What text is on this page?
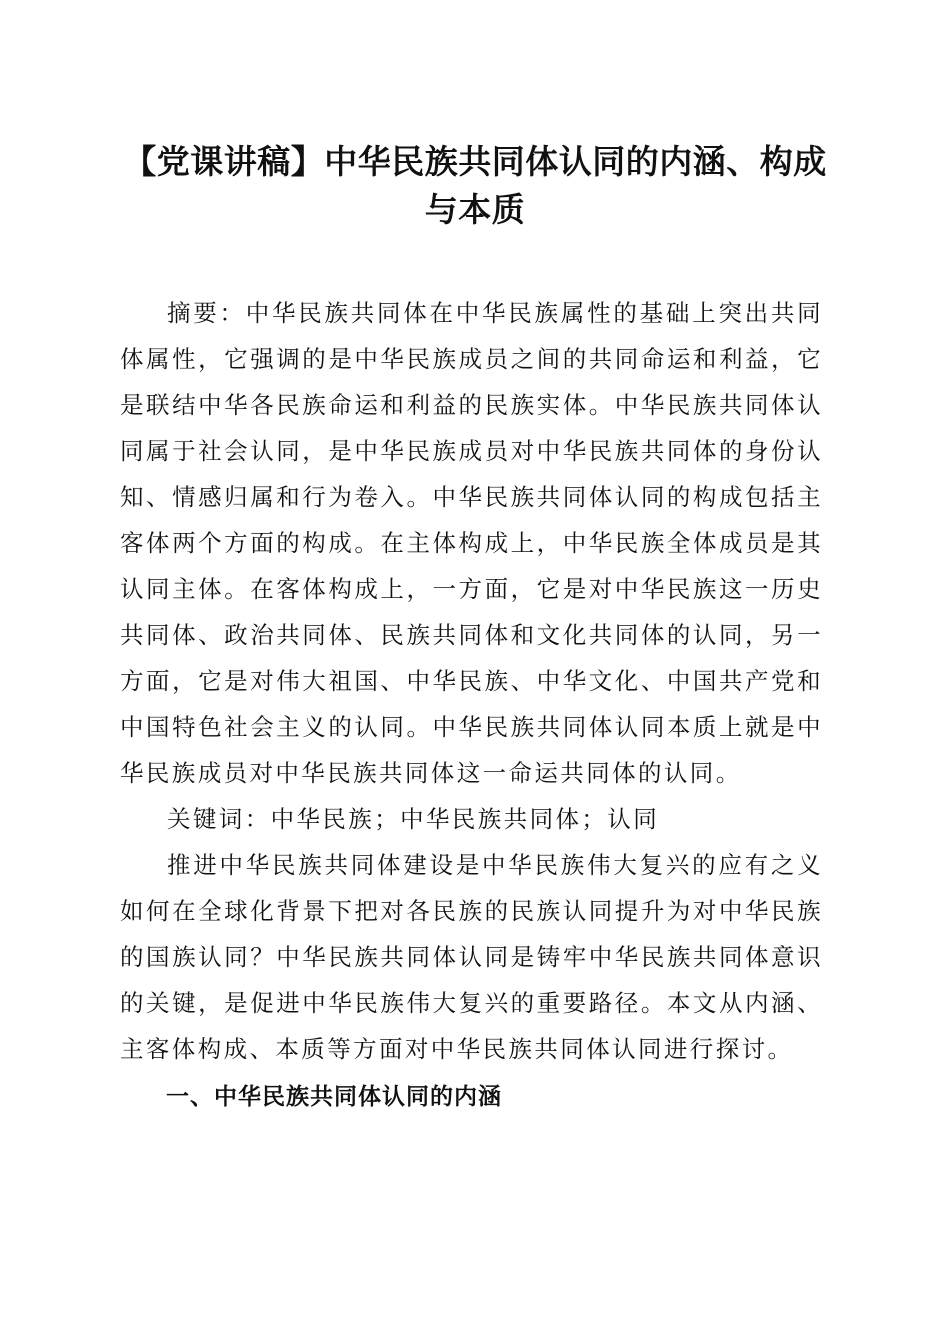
【党课讲稿】中华民族共同体认同的内涵、构成与本质

摘要：中华民族共同体在中华民族属性的基础上突出共同体属性，它强调的是中华民族成员之间的共同命运和利益，它是联结中华各民族命运和利益的民族实体。中华民族共同体认同属于社会认同，是中华民族成员对中华民族共同体的身份认知、情感归属和行为卷入。中华民族共同体认同的构成包括主客体两个方面的构成。在主体构成上，中华民族全体成员是其认同主体。在客体构成上，一方面，它是对中华民族这一历史共同体、政治共同体、民族共同体和文化共同体的认同，另一方面，它是对伟大祖国、中华民族、中华文化、中国共产党和中国特色社会主义的认同。中华民族共同体认同本质上就是中华民族成员对中华民族共同体这一命运共同体的认同。

关键词：中华民族；中华民族共同体；认同

推进中华民族共同体建设是中华民族伟大复兴的应有之义如何在全球化背景下把对各民族的民族认同提升为对中华民族的国族认同？中华民族共同体认同是铸牢中华民族共同体意识的关键，是促进中华民族伟大复兴的重要路径。本文从内涵、主客体构成、本质等方面对中华民族共同体认同进行探讨。

一、中华民族共同体认同的内涵
